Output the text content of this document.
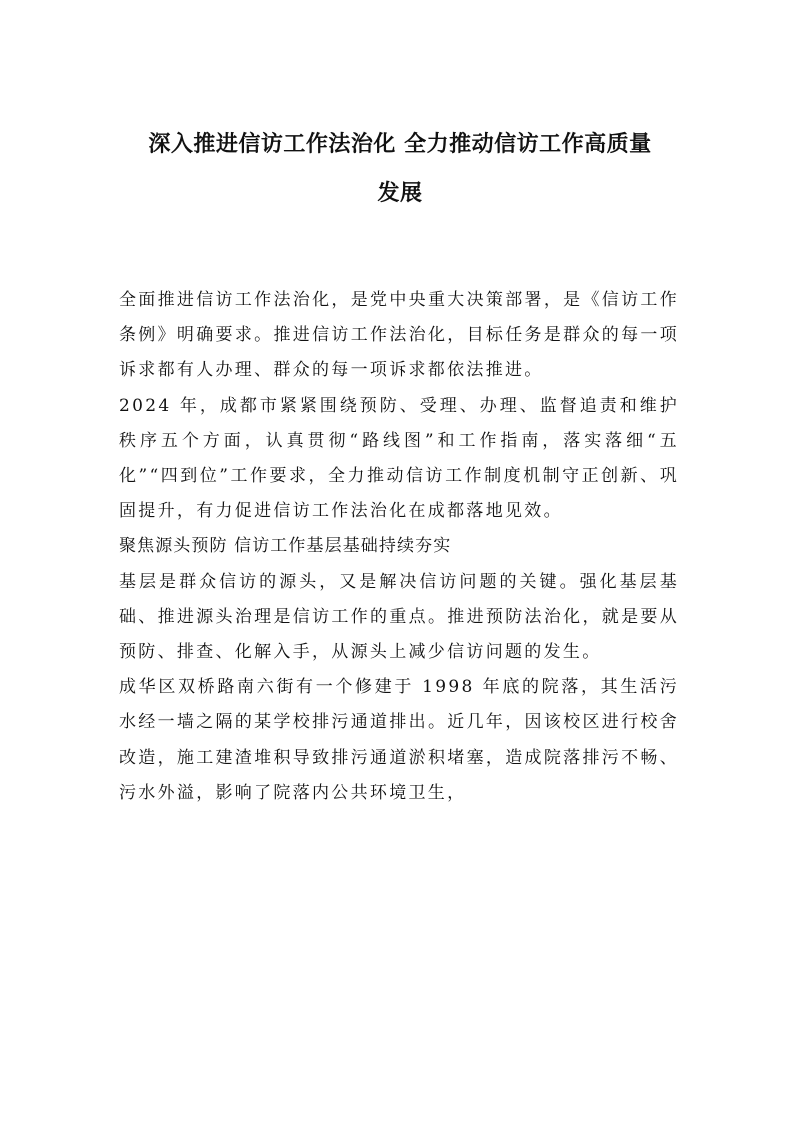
深入推进信访工作法治化 全力推动信访工作高质量
发展

全面推进信访工作法治化，是党中央重大决策部署，是《信访工作条例》明确要求。推进信访工作法治化，目标任务是群众的每一项诉求都有人办理、群众的每一项诉求都依法推进。

2024 年，成都市紧紧围绕预防、受理、办理、监督追责和维护秩序五个方面，认真贯彻“路线图”和工作指南，落实落细“五化”“四到位”工作要求，全力推动信访工作制度机制守正创新、巩固提升，有力促进信访工作法治化在成都落地见效。

聚焦源头预防 信访工作基层基础持续夯实

基层是群众信访的源头，又是解决信访问题的关键。强化基层基础、推进源头治理是信访工作的重点。推进预防法治化，就是要从预防、排查、化解入手，从源头上减少信访问题的发生。

成华区双桥路南六街有一个修建于 1998 年底的院落，其生活污水经一墙之隔的某学校排污通道排出。近几年，因该校区进行校舍改造，施工建渣堆积导致排污通道淤积堵塞，造成院落排污不畅、污水外溢，影响了院落内公共环境卫生，
